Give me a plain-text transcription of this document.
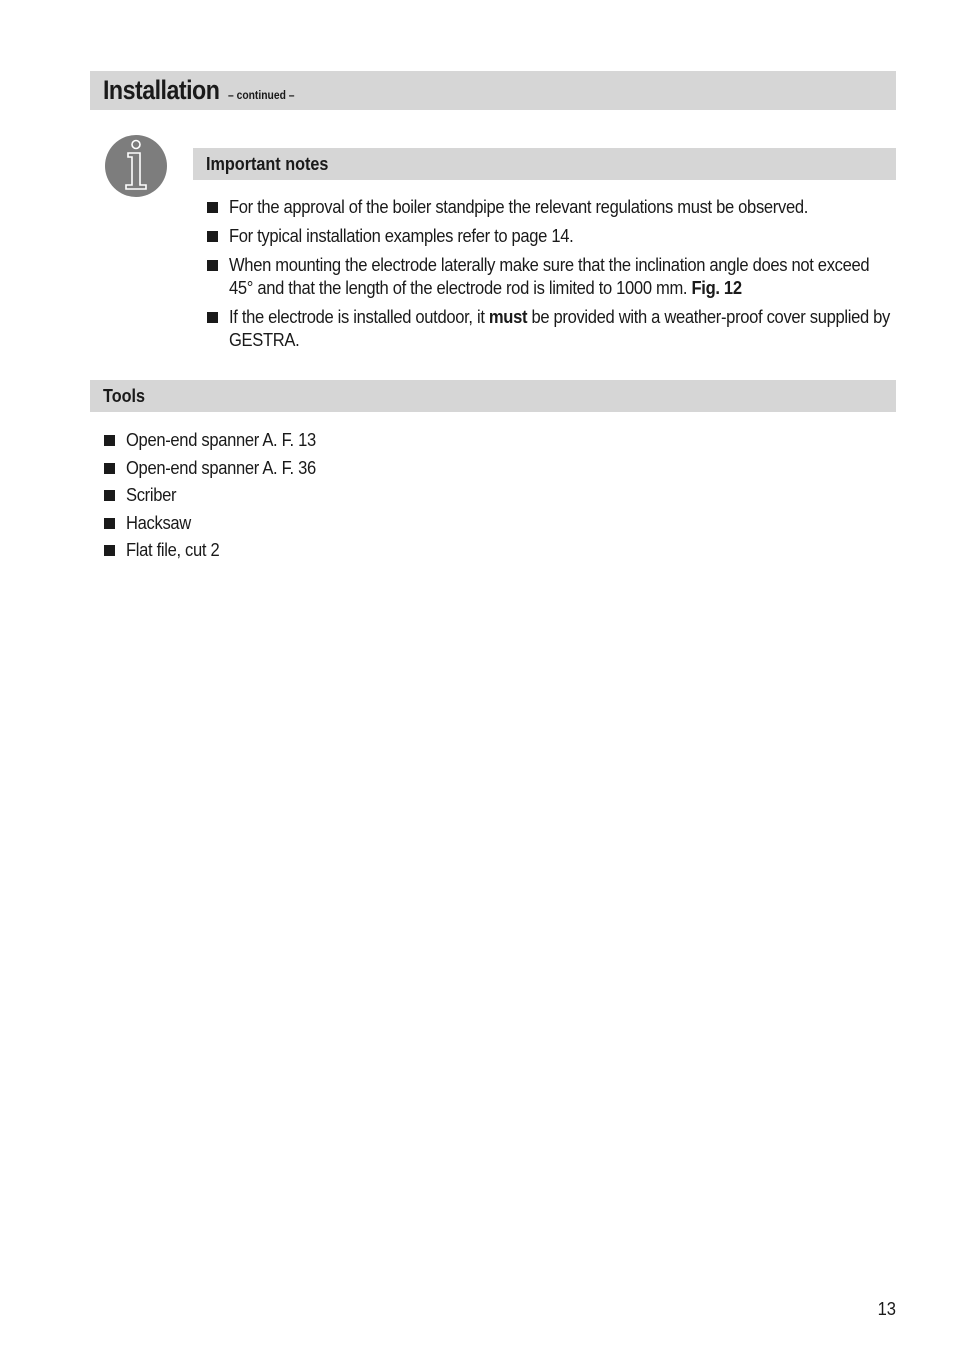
Installation – continued –
Important notes
For the approval of the boiler standpipe the relevant regulations must be observed.
For typical installation examples refer to page 14.
When mounting the electrode laterally make sure that the inclination angle does not exceed 45° and that the length of the electrode rod is limited to 1000 mm. Fig. 12
If the electrode is installed outdoor, it must be provided with a weather-proof cover supplied by GESTRA.
Tools
Open-end spanner A. F. 13
Open-end spanner A. F. 36
Scriber
Hacksaw
Flat file, cut 2
13
